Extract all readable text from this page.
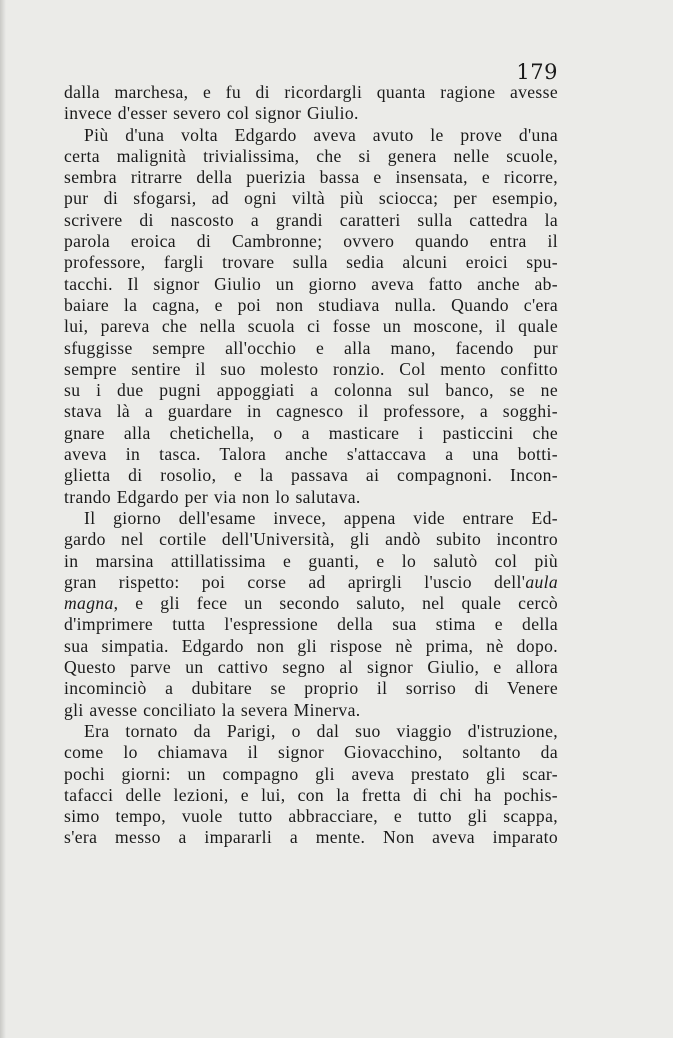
179

dalla marchesa, e fu di ricordargli quanta ragione avesse
invece d'esser severo col signor Giulio.

Più d'una volta Edgardo aveva avuto le prove d'una
certa malignità trivialissima, che si genera nelle scuole,
sembra ritrarre della puerizia bassa e insensata, e ricorre,
pur di sfogarsi, ad ogni viltà più sciocca; per esempio,
scrivere di nascosto a grandi caratteri sulla cattedra la
parola eroica di Cambronne; ovvero quando entra il
professore, fargli trovare sulla sedia alcuni eroici spu-
tacchi. Il signor Giulio un giorno aveva fatto anche ab-
baiare la cagna, e poi non studiava nulla. Quando c'era
lui, pareva che nella scuola ci fosse un moscone, il quale
sfuggisse sempre all'occhio e alla mano, facendo pur
sempre sentire il suo molesto ronzio. Col mento confitto
su i due pugni appoggiati a colonna sul banco, se ne
stava là a guardare in cagnesco il professore, a sogghi-
gnare alla chetichella, o a masticare i pasticcini che
aveva in tasca. Talora anche s'attaccava a una botti-
glietta di rosolio, e la passava ai compagnoni. Incon-
trando Edgardo per via non lo salutava.

Il giorno dell'esame invece, appena vide entrare Ed-
gardo nel cortile dell'Università, gli andò subito incontro
in marsina attillatissima e guanti, e lo salutò col più
gran rispetto: poi corse ad aprirgli l'uscio dell'aula
magna, e gli fece un secondo saluto, nel quale cercò
d'imprimere tutta l'espressione della sua stima e della
sua simpatia. Edgardo non gli rispose nè prima, nè dopo.
Questo parve un cattivo segno al signor Giulio, e allora
incominciò a dubitare se proprio il sorriso di Venere
gli avesse conciliato la severa Minerva.

Era tornato da Parigi, o dal suo viaggio d'istruzione,
come lo chiamava il signor Giovacchino, soltanto da
pochi giorni: un compagno gli aveva prestato gli scar-
tafacci delle lezioni, e lui, con la fretta di chi ha pochis-
simo tempo, vuole tutto abbracciare, e tutto gli scappa,
s'era messo a impararli a mente. Non aveva imparato
